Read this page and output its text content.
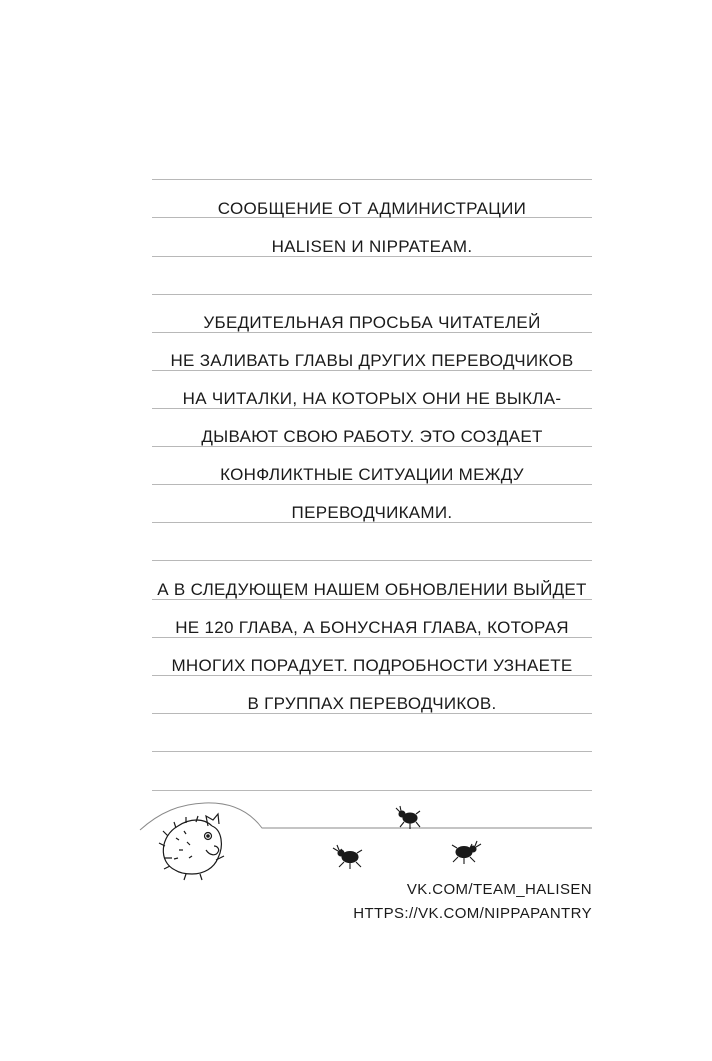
СООБЩЕНИЕ ОТ АДМИНИСТРАЦИИ
HALISEN И NIPPATEAM.
УБЕДИТЕЛЬНАЯ ПРОСЬБА ЧИТАТЕЛЕЙ
НЕ ЗАЛИВАТЬ ГЛАВЫ ДРУГИХ ПЕРЕВОДЧИКОВ
НА ЧИТАЛКИ, НА КОТОРЫХ ОНИ НЕ ВЫКЛА-
ДЫВАЮТ СВОЮ РАБОТУ. ЭТО СОЗДАЕТ
КОНФЛИКТНЫЕ СИТУАЦИИ МЕЖДУ
ПЕРЕВОДЧИКАМИ.
А В СЛЕДУЮЩЕМ НАШЕМ ОБНОВЛЕНИИ ВЫЙДЕТ
НЕ 120 ГЛАВА, А БОНУСНАЯ ГЛАВА, КОТОРАЯ
МНОГИХ ПОРАДУЕТ. ПОДРОБНОСТИ УЗНАЕТЕ
В ГРУППАХ ПЕРЕВОДЧИКОВ.
VK.COM/TEAM_HALISEN
HTTPS://VK.COM/NIPPAPANTRY
